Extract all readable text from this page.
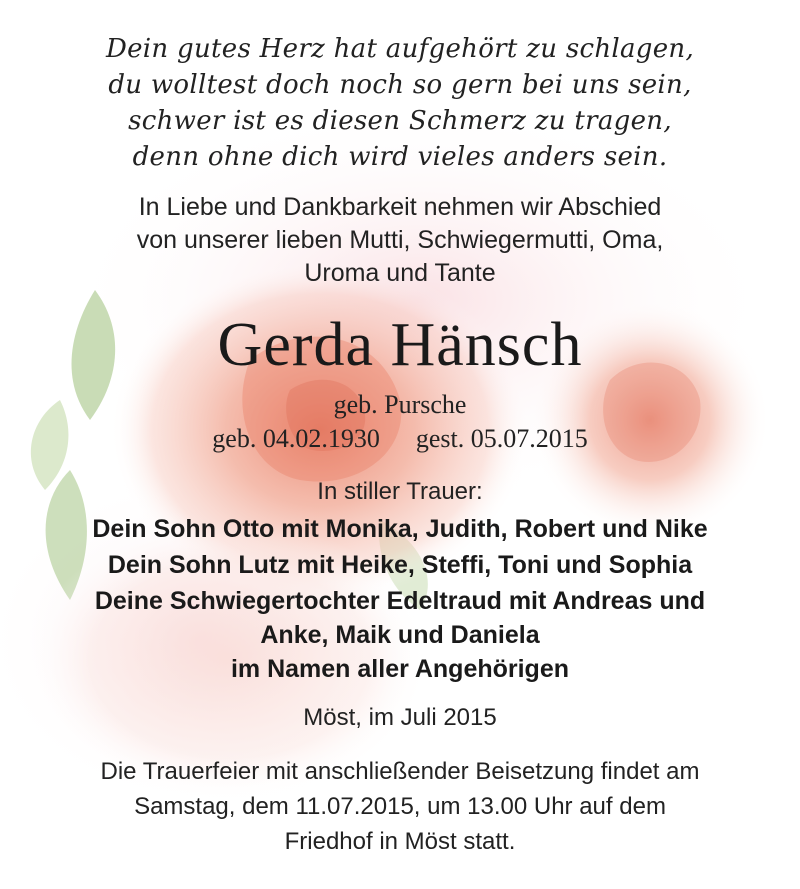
Dein gutes Herz hat aufgehört zu schlagen,
du wolltest doch noch so gern bei uns sein,
schwer ist es diesen Schmerz zu tragen,
denn ohne dich wird vieles anders sein.
In Liebe und Dankbarkeit nehmen wir Abschied
von unserer lieben Mutti, Schwiegermutti, Oma,
Uroma und Tante
Gerda Hänsch
geb. Pursche
geb. 04.02.1930 gest. 05.07.2015
In stiller Trauer:
Dein Sohn Otto mit Monika, Judith, Robert und Nike
Dein Sohn Lutz mit Heike, Steffi, Toni und Sophia
Deine Schwiegertochter Edeltraud mit Andreas und
Anke, Maik und Daniela
im Namen aller Angehörigen
Möst, im Juli 2015
Die Trauerfeier mit anschließender Beisetzung findet am
Samstag, dem 11.07.2015, um 13.00 Uhr auf dem
Friedhof in Möst statt.
